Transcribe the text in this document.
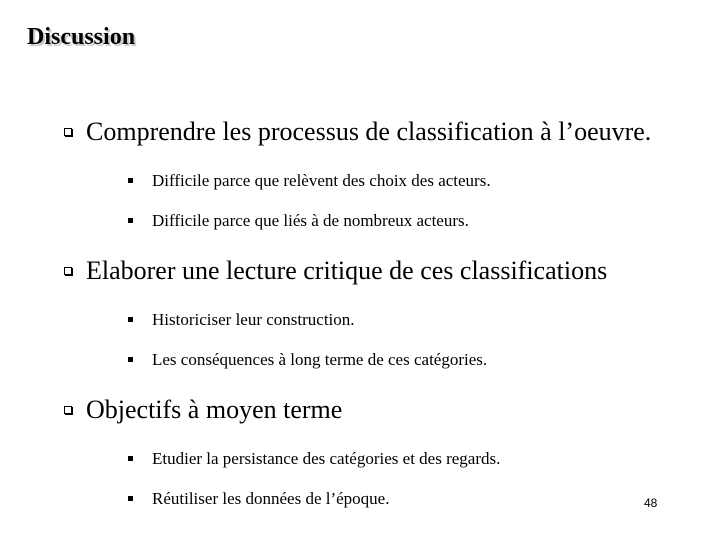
Discussion
Comprendre les processus de classification à l’oeuvre.
Difficile parce que relèvent des choix des acteurs.
Difficile parce que liés à de nombreux acteurs.
Elaborer une lecture critique de ces classifications
Historiciser leur construction.
Les conséquences à long terme de ces catégories.
Objectifs à moyen terme
Etudier la persistance des catégories et des regards.
Réutiliser les données de l’époque.	48
